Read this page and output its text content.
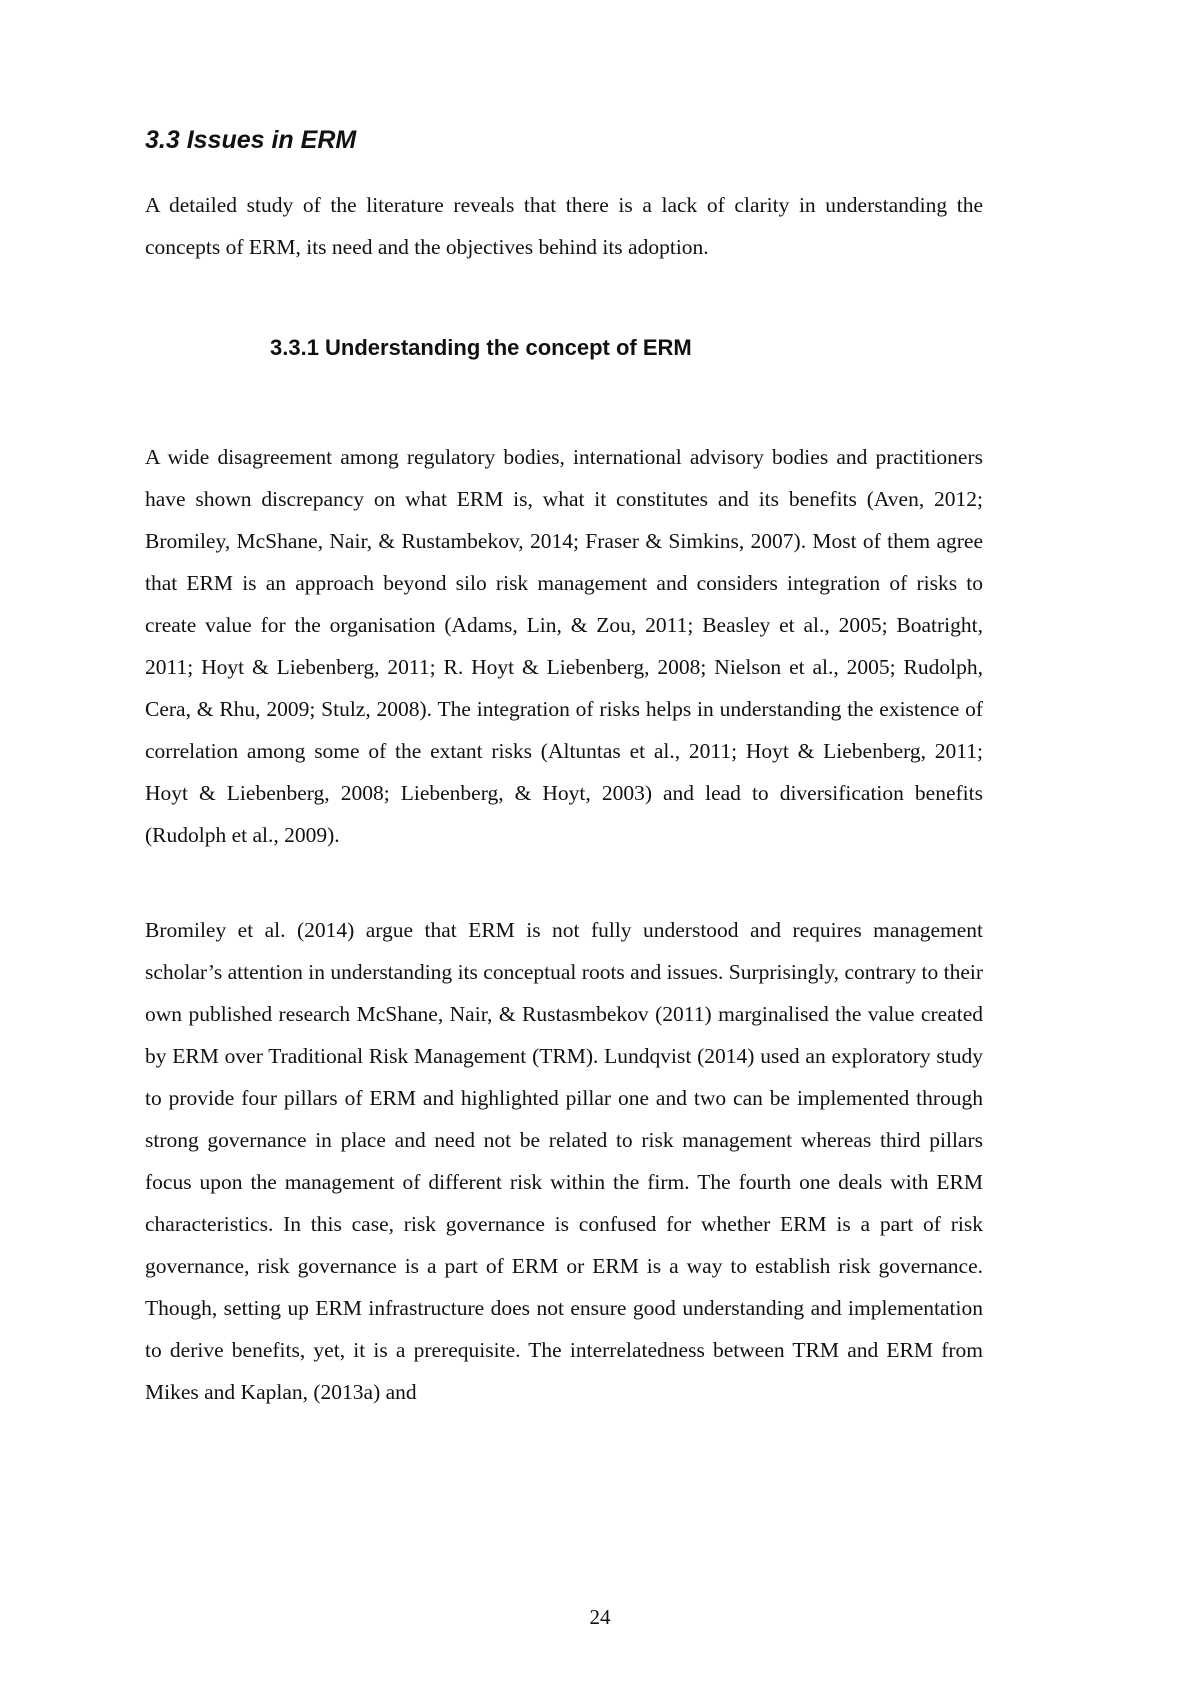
3.3 Issues in ERM

A detailed study of the literature reveals that there is a lack of clarity in understanding the concepts of ERM, its need and the objectives behind its adoption.

3.3.1 Understanding the concept of ERM

A wide disagreement among regulatory bodies, international advisory bodies and practitioners have shown discrepancy on what ERM is, what it constitutes and its benefits (Aven, 2012; Bromiley, McShane, Nair, & Rustambekov, 2014; Fraser & Simkins, 2007). Most of them agree that ERM is an approach beyond silo risk management and considers integration of risks to create value for the organisation (Adams, Lin, & Zou, 2011; Beasley et al., 2005; Boatright, 2011; Hoyt & Liebenberg, 2011; R. Hoyt & Liebenberg, 2008; Nielson et al., 2005; Rudolph, Cera, & Rhu, 2009; Stulz, 2008). The integration of risks helps in understanding the existence of correlation among some of the extant risks (Altuntas et al., 2011; Hoyt & Liebenberg, 2011; Hoyt & Liebenberg, 2008; Liebenberg, & Hoyt, 2003) and lead to diversification benefits (Rudolph et al., 2009).

Bromiley et al. (2014) argue that ERM is not fully understood and requires management scholar’s attention in understanding its conceptual roots and issues. Surprisingly, contrary to their own published research McShane, Nair, & Rustasmbekov (2011) marginalised the value created by ERM over Traditional Risk Management (TRM). Lundqvist (2014) used an exploratory study to provide four pillars of ERM and highlighted pillar one and two can be implemented through strong governance in place and need not be related to risk management whereas third pillars focus upon the management of different risk within the firm. The fourth one deals with ERM characteristics. In this case, risk governance is confused for whether ERM is a part of risk governance, risk governance is a part of ERM or ERM is a way to establish risk governance. Though, setting up ERM infrastructure does not ensure good understanding and implementation to derive benefits, yet, it is a prerequisite. The interrelatedness between TRM and ERM from Mikes and Kaplan, (2013a) and

24
